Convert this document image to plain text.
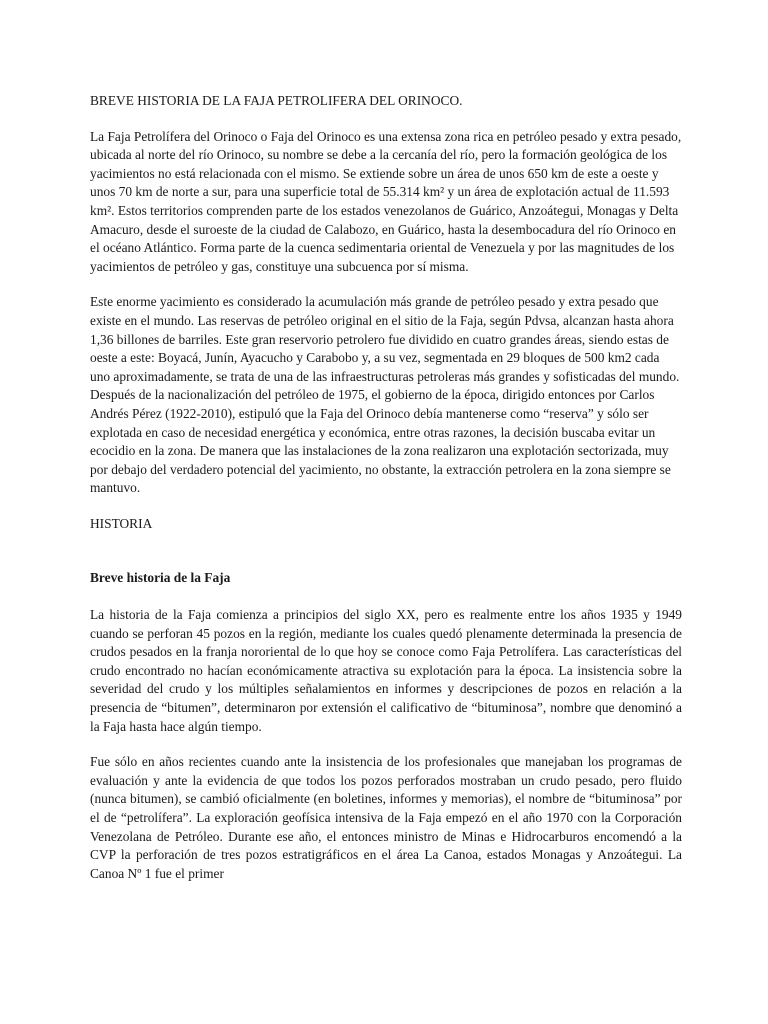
BREVE HISTORIA DE LA FAJA PETROLIFERA DEL ORINOCO.

La Faja Petrolífera del Orinoco o Faja del Orinoco es una extensa zona rica en petróleo pesado y extra pesado, ubicada al norte del río Orinoco, su nombre se debe a la cercanía del río, pero la formación geológica de los yacimientos no está relacionada con el mismo. Se extiende sobre un área de unos 650 km de este a oeste y unos 70 km de norte a sur, para una superficie total de 55.314 km² y un área de explotación actual de 11.593 km². Estos territorios comprenden parte de los estados venezolanos de Guárico, Anzoátegui, Monagas y Delta Amacuro, desde el suroeste de la ciudad de Calabozo, en Guárico, hasta la desembocadura del río Orinoco en el océano Atlántico. Forma parte de la cuenca sedimentaria oriental de Venezuela y por las magnitudes de los yacimientos de petróleo y gas, constituye una subcuenca por sí misma.

Este enorme yacimiento es considerado la acumulación más grande de petróleo pesado y extra pesado que existe en el mundo. Las reservas de petróleo original en el sitio de la Faja, según Pdvsa, alcanzan hasta ahora 1,36 billones de barriles. Este gran reservorio petrolero fue dividido en cuatro grandes áreas, siendo estas de oeste a este: Boyacá, Junín, Ayacucho y Carabobo y, a su vez, segmentada en 29 bloques de 500 km2 cada uno aproximadamente, se trata de una de las infraestructuras petroleras más grandes y sofisticadas del mundo. Después de la nacionalización del petróleo de 1975, el gobierno de la época, dirigido entonces por Carlos Andrés Pérez (1922-2010), estipuló que la Faja del Orinoco debía mantenerse como “reserva” y sólo ser explotada en caso de necesidad energética y económica, entre otras razones, la decisión buscaba evitar un ecocidio en la zona. De manera que las instalaciones de la zona realizaron una explotación sectorizada, muy por debajo del verdadero potencial del yacimiento, no obstante, la extracción petrolera en la zona siempre se mantuvo.

HISTORIA

Breve historia de la Faja

La historia de la Faja comienza a principios del siglo XX, pero es realmente entre los años 1935 y 1949 cuando se perforan 45 pozos en la región, mediante los cuales quedó plenamente determinada la presencia de crudos pesados en la franja nororiental de lo que hoy se conoce como Faja Petrolífera. Las características del crudo encontrado no hacían económicamente atractiva su explotación para la época. La insistencia sobre la severidad del crudo y los múltiples señalamientos en informes y descripciones de pozos en relación a la presencia de “bitumen”, determinaron por extensión el calificativo de “bituminosa”, nombre que denominó a la Faja hasta hace algún tiempo.

Fue sólo en años recientes cuando ante la insistencia de los profesionales que manejaban los programas de evaluación y ante la evidencia de que todos los pozos perforados mostraban un crudo pesado, pero fluido (nunca bitumen), se cambió oficialmente (en boletines, informes y memorias), el nombre de “bituminosa” por el de “petrolífera”. La exploración geofísica intensiva de la Faja empezó en el año 1970 con la Corporación Venezolana de Petróleo. Durante ese año, el entonces ministro de Minas e Hidrocarburos encomendó a la CVP la perforación de tres pozos estratigráficos en el área La Canoa, estados Monagas y Anzoátegui. La Canoa Nº 1 fue el primer
